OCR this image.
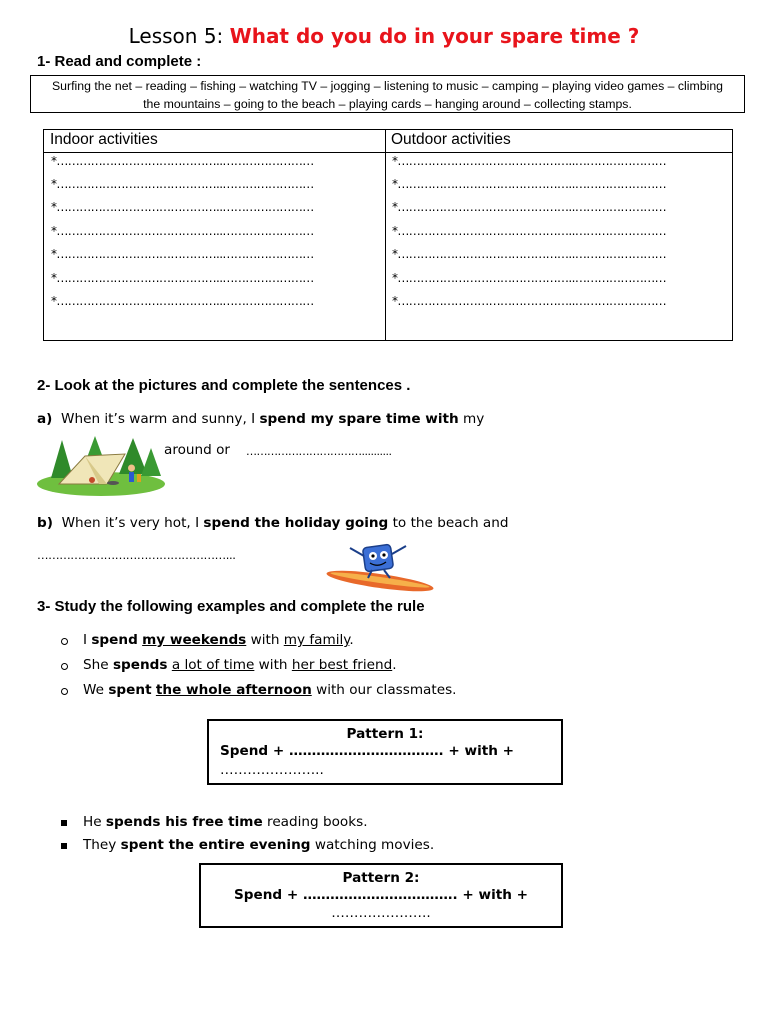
Lesson 5: What do you do in your spare time ?
1- Read and complete :
Surfing the net – reading – fishing – watching TV – jogging – listening to music – camping – playing video games – climbing
the mountains – going to the beach – playing cards – hanging around – collecting stamps.
Indoor activities
*……………………………………..……………………
*……………………………………..……………………
*……………………………………..……………………
*……………………………………..……………………
*……………………………………..……………………
*……………………………………..……………………
*……………………………………..……………………
Outdoor activities
*………………………………………..……………………
*………………………………………..……………………
*………………………………………..……………………
*………………………………………..……………………
*………………………………………..……………………
*………………………………………..……………………
*………………………………………..……………………
2- Look at the pictures and complete the sentences .
a) When it’s warm and sunny, I spend my spare time with my
around or ……………………………..........
b) When it’s very hot, I spend the holiday going to the beach and
……………………………………………...
3- Study the following examples and complete the rule
I spend my weekends with my family.
She spends a lot of time with her best friend.
We spent the whole afternoon with our classmates.
Pattern 1:
Spend + ……………………………. + with +
…………………..
He spends his free time reading books.
They spent the entire evening watching movies.
Pattern 2:
Spend + ……………………………. + with +
………………….
